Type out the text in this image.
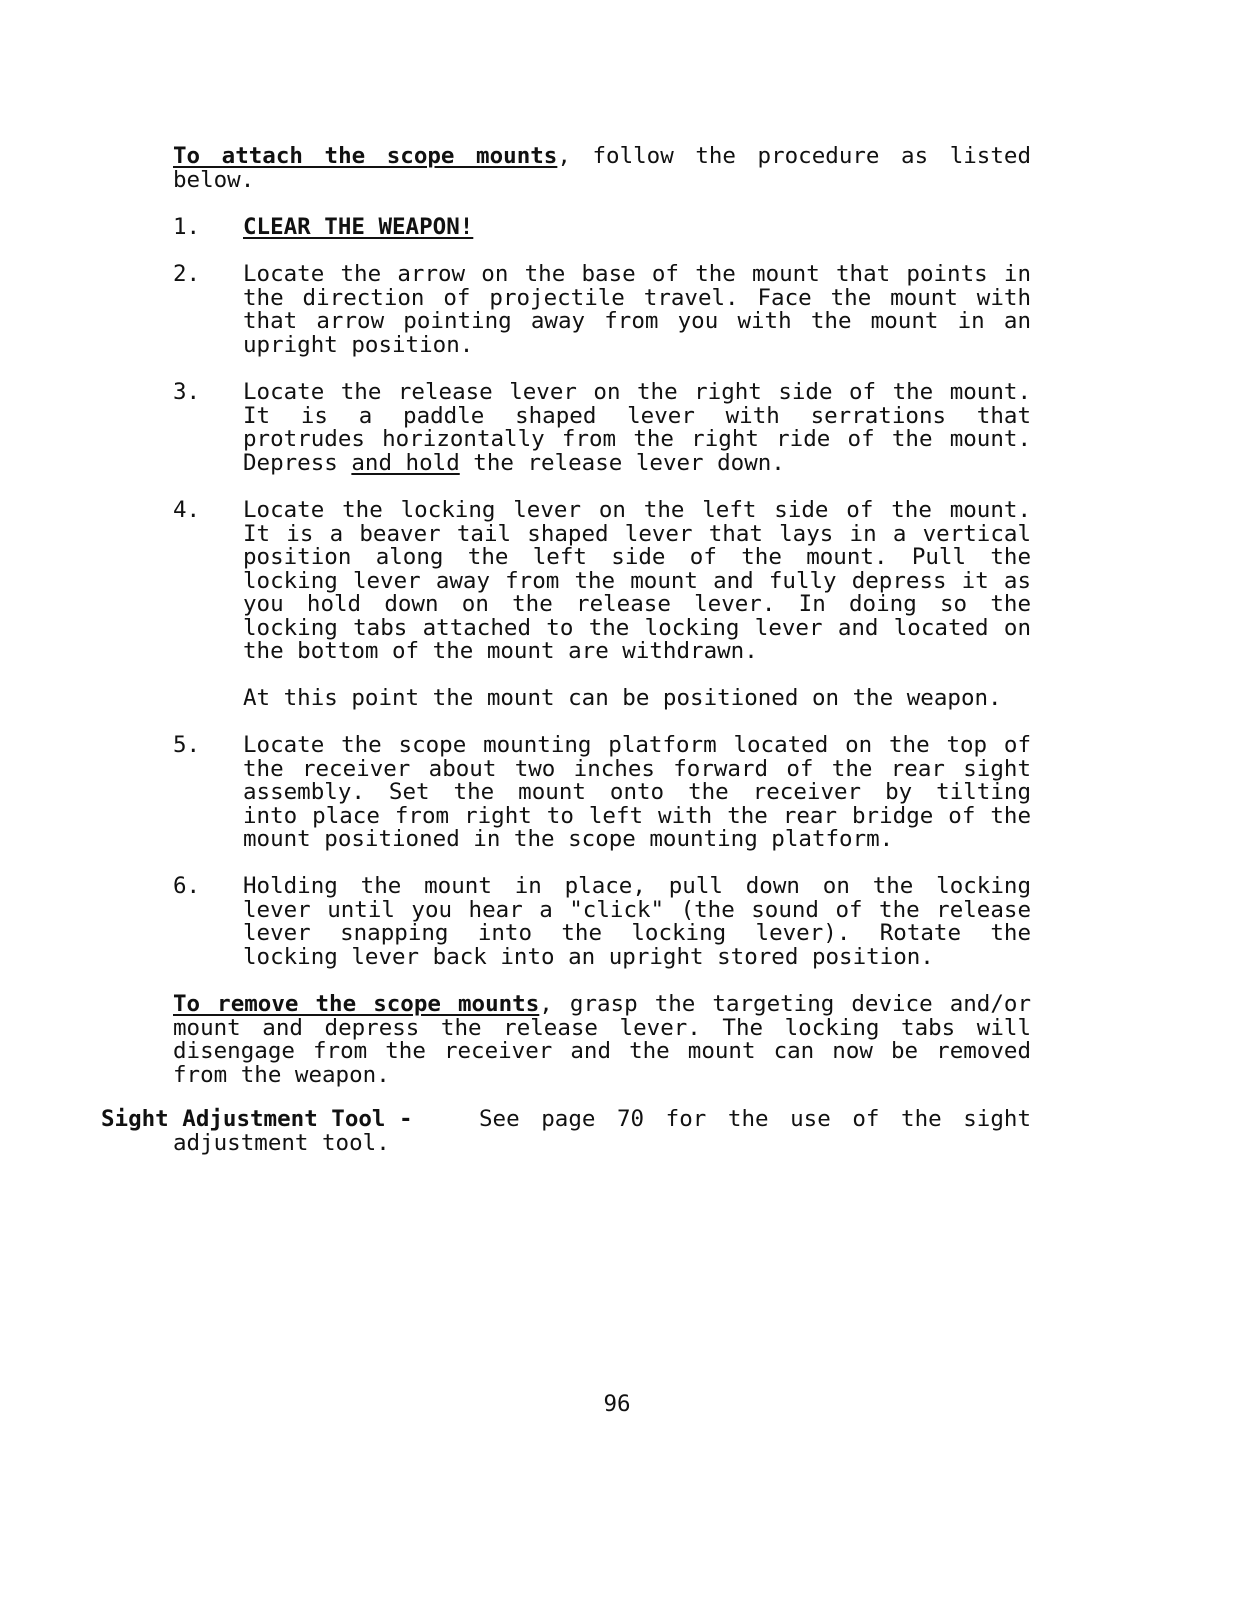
To attach the scope mounts, follow the procedure as listed
below.

1.	CLEAR THE WEAPON!

2.	Locate the arrow on the base of the mount that points in
the direction of projectile travel. Face the mount with
that arrow pointing away from you with the mount in an
upright position.

3.	Locate the release lever on the right side of the mount.
It is a paddle shaped lever with serrations that
protrudes horizontally from the right ride of the mount.
Depress and hold the release lever down.

4.	Locate the locking lever on the left side of the mount.
It is a beaver tail shaped lever that lays in a vertical
position along the left side of the mount. Pull the
locking lever away from the mount and fully depress it as
you hold down on the release lever. In doing so the
locking tabs attached to the locking lever and located on
the bottom of the mount are withdrawn.

At this point the mount can be positioned on the weapon.

5.	Locate the scope mounting platform located on the top of
the receiver about two inches forward of the rear sight
assembly. Set the mount onto the receiver by tilting
into place from right to left with the rear bridge of the
mount positioned in the scope mounting platform.

6.	Holding the mount in place, pull down on the locking
lever until you hear a "click" (the sound of the release
lever snapping into the locking lever). Rotate the
locking lever back into an upright stored position.

To remove the scope mounts, grasp the targeting device and/or
mount and depress the release lever. The locking tabs will
disengage from the receiver and the mount can now be removed
from the weapon.

Sight Adjustment Tool -	See page 70 for the use of the sight
adjustment tool.

96
